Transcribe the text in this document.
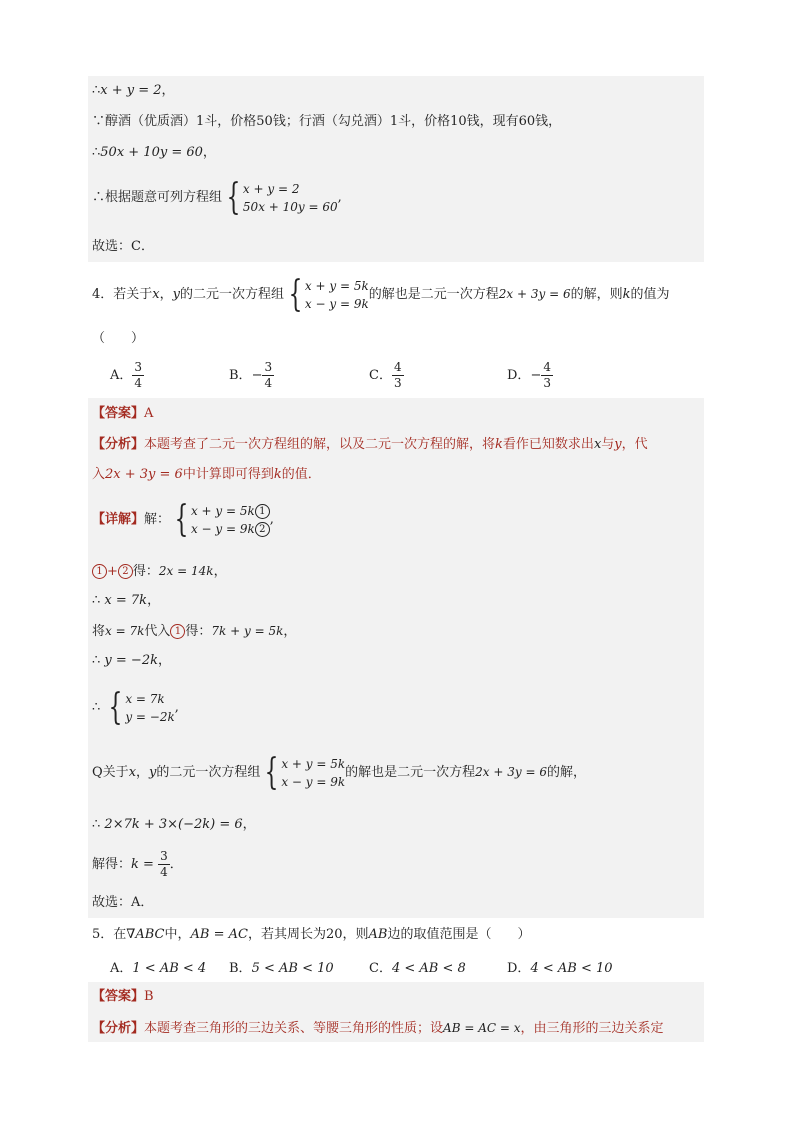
∴x + y = 2，
∵醇酒（优质酒）1斗，价格50钱；行酒（勾兑酒）1斗，价格10钱，现有60钱，
∴50x + 10y = 60，
∴根据题意可列方程组 { x + y = 2
50x + 10y = 60
,
故选：C．
4．若关于x，y的二元一次方程组 { x + y = 5k
x − y = 9k
的解也是二元一次方程2x + 3y = 6的解，则k的值为
（　　）
A． $\frac{3}{4}$	B．− $\frac{3}{4}$	C． $\frac{4}{3}$	D．− $\frac{4}{3}$
【答案】A
【分析】本题考查了二元一次方程组的解，以及二元一次方程的解，将k看作已知数求出x与y，代
入2x + 3y = 6中计算即可得到k的值．
【详解】解： { x + y = 5k 1
x − y = 9k 2
,
1 + 2 得：2x = 14k，
∴ x = 7k，
将x = 7k代入 1 得：7k + y = 5k，
∴ y = −2k，
∴ { x = 7k
y = −2k
,
Q关于x，y的二元一次方程组 { x + y = 5k
x − y = 9k
的解也是二元一次方程2x + 3y = 6的解，
∴ 2×7k + 3×(−2k) = 6，
解得：$k = \frac{3}{4}$ ．
故选：A．
5．在∇ABC中，AB = AC，若其周长为20，则AB边的取值范围是（　　）
A．1 < AB < 4 B．5 < AB < 10	C．4 < AB < 8	D．4 < AB < 10
【答案】B
【分析】本题考查三角形的三边关系、等腰三角形的性质；设AB = AC = x，由三角形的三边关系定
